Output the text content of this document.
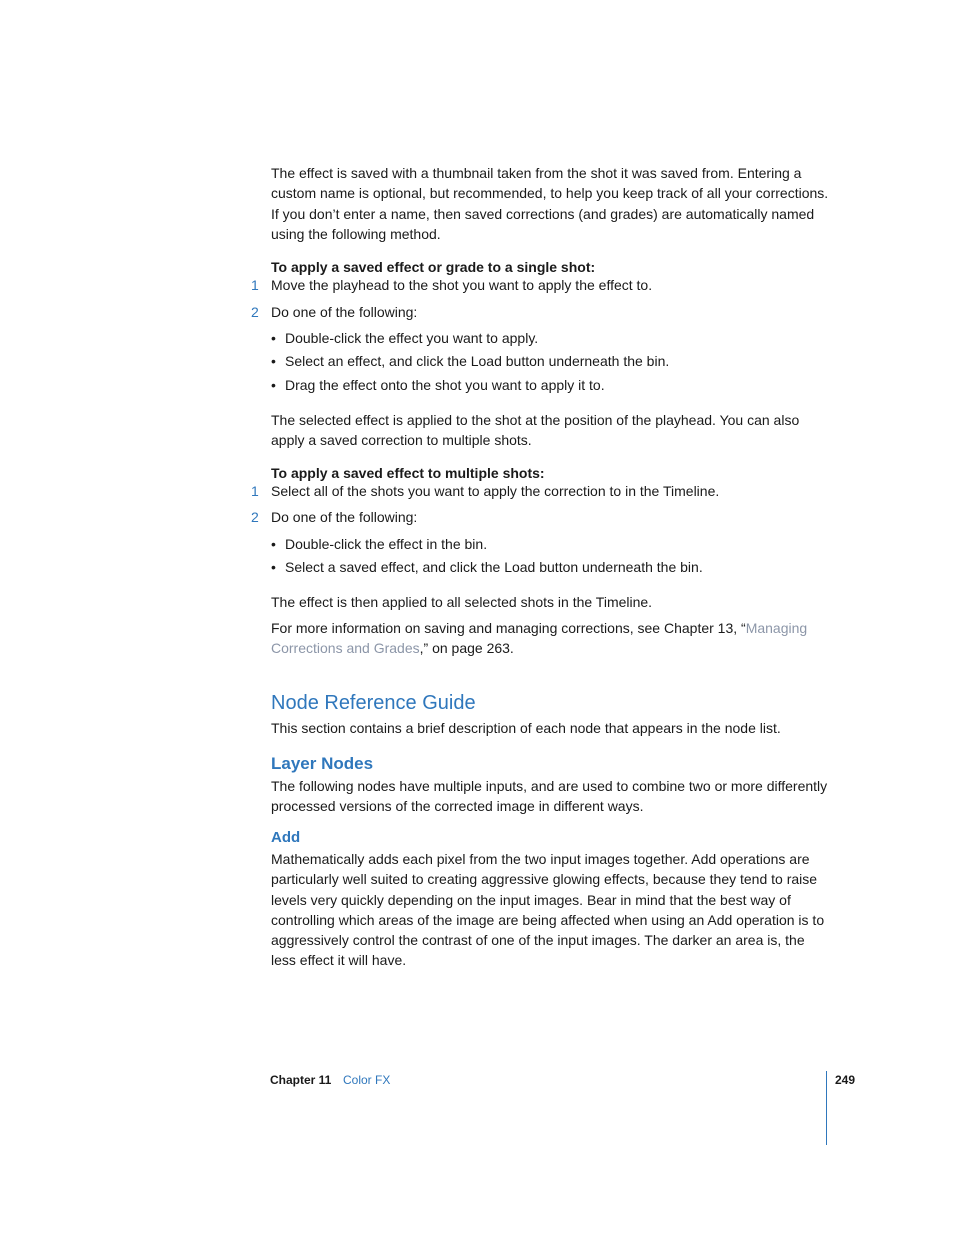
The effect is saved with a thumbnail taken from the shot it was saved from. Entering a custom name is optional, but recommended, to help you keep track of all your corrections. If you don’t enter a name, then saved corrections (and grades) are automatically named using the following method.
To apply a saved effect or grade to a single shot:
1 Move the playhead to the shot you want to apply the effect to.
2 Do one of the following:
• Double-click the effect you want to apply.
• Select an effect, and click the Load button underneath the bin.
• Drag the effect onto the shot you want to apply it to.
The selected effect is applied to the shot at the position of the playhead. You can also apply a saved correction to multiple shots.
To apply a saved effect to multiple shots:
1 Select all of the shots you want to apply the correction to in the Timeline.
2 Do one of the following:
• Double-click the effect in the bin.
• Select a saved effect, and click the Load button underneath the bin.
The effect is then applied to all selected shots in the Timeline.
For more information on saving and managing corrections, see Chapter 13, “Managing Corrections and Grades,” on page 263.
Node Reference Guide
This section contains a brief description of each node that appears in the node list.
Layer Nodes
The following nodes have multiple inputs, and are used to combine two or more differently processed versions of the corrected image in different ways.
Add
Mathematically adds each pixel from the two input images together. Add operations are particularly well suited to creating aggressive glowing effects, because they tend to raise levels very quickly depending on the input images. Bear in mind that the best way of controlling which areas of the image are being affected when using an Add operation is to aggressively control the contrast of one of the input images. The darker an area is, the less effect it will have.
Chapter 11 Color FX	249
